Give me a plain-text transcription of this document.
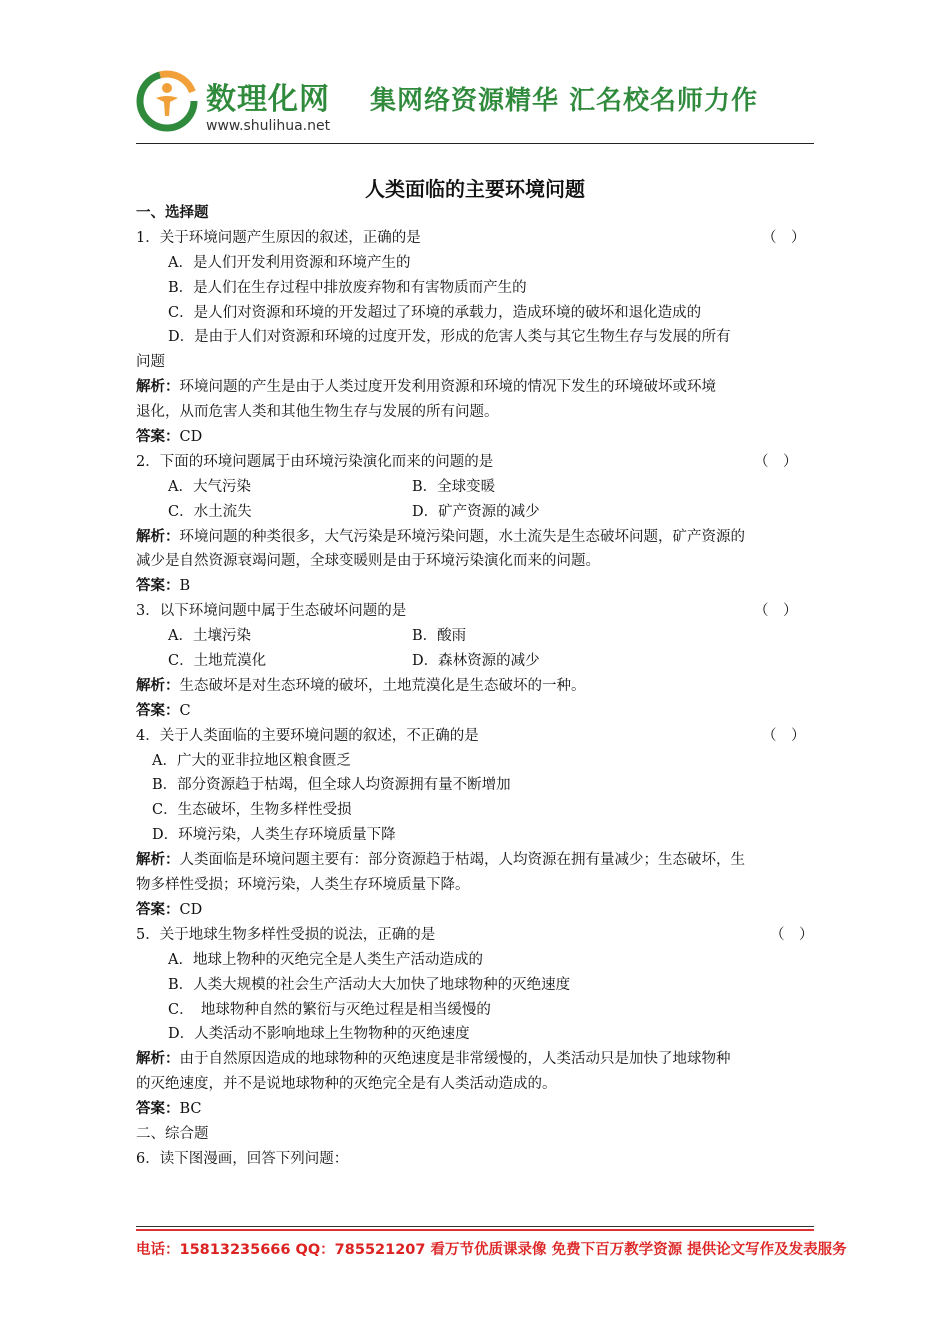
数理化网
www.shulihua.net
集网络资源精华 汇名校名师力作
人类面临的主要环境问题
一、选择题
1．关于环境问题产生原因的叙述，正确的是	（　）
A．是人们开发利用资源和环境产生的
B．是人们在生存过程中排放废弃物和有害物质而产生的
C．是人们对资源和环境的开发超过了环境的承载力，造成环境的破坏和退化造成的
D．是由于人们对资源和环境的过度开发，形成的危害人类与其它生物生存与发展的所有
问题
解析：环境问题的产生是由于人类过度开发利用资源和环境的情况下发生的环境破坏或环境
退化，从而危害人类和其他生物生存与发展的所有问题。
答案：CD
2．下面的环境问题属于由环境污染演化而来的问题的是	（　）
A．大气污染	B．全球变暖
C．水土流失	D．矿产资源的减少
解析：环境问题的种类很多，大气污染是环境污染问题，水土流失是生态破坏问题，矿产资源的
减少是自然资源衰竭问题，全球变暖则是由于环境污染演化而来的问题。
答案：B
3．以下环境问题中属于生态破坏问题的是	（　）
A．土壤污染	B．酸雨
C．土地荒漠化	D．森林资源的减少
解析：生态破坏是对生态环境的破坏，土地荒漠化是生态破坏的一种。
答案：C
4．关于人类面临的主要环境问题的叙述，不正确的是	（　）
A．广大的亚非拉地区粮食匮乏
B．部分资源趋于枯竭，但全球人均资源拥有量不断增加
C．生态破坏，生物多样性受损
D．环境污染，人类生存环境质量下降
解析：人类面临是环境问题主要有：部分资源趋于枯竭，人均资源在拥有量减少；生态破坏，生
物多样性受损；环境污染，人类生存环境质量下降。
答案：CD
5．关于地球生物多样性受损的说法，正确的是	（　）
A．地球上物种的灭绝完全是人类生产活动造成的
B．人类大规模的社会生产活动大大加快了地球物种的灭绝速度
C．　地球物种自然的繁衍与灭绝过程是相当缓慢的
D．人类活动不影响地球上生物物种的灭绝速度
解析：由于自然原因造成的地球物种的灭绝速度是非常缓慢的，人类活动只是加快了地球物种
的灭绝速度，并不是说地球物种的灭绝完全是有人类活动造成的。
答案：BC
二、综合题
6．读下图漫画，回答下列问题：
电话：15813235666 QQ：785521207 看万节优质课录像 免费下百万教学资源 提供论文写作及发表服务
